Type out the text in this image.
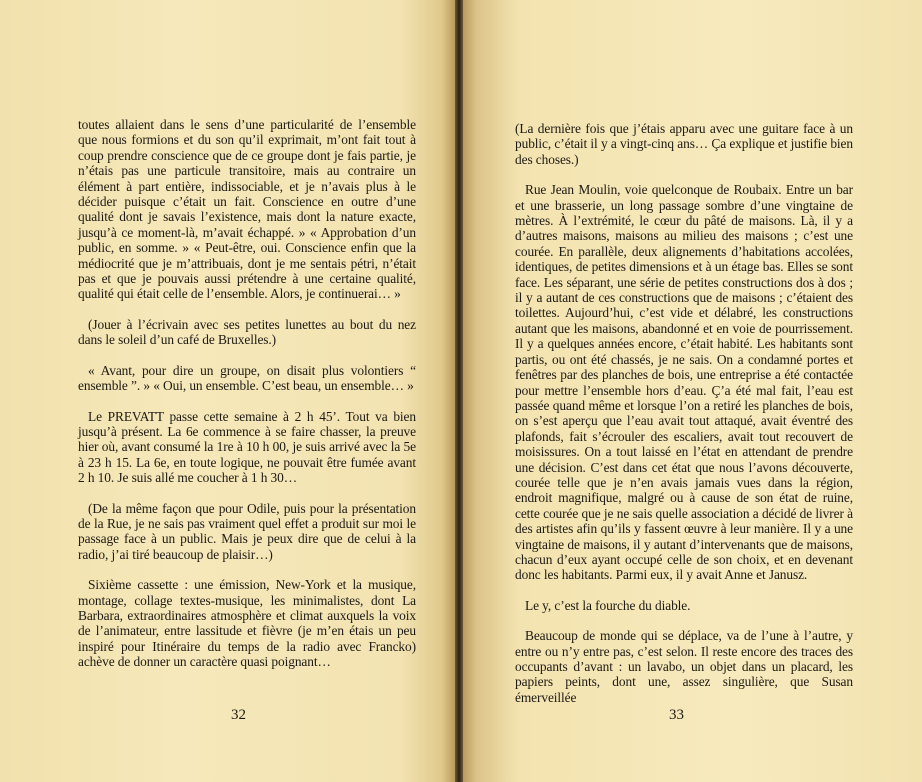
toutes allaient dans le sens d’une particularité de l’ensemble que nous formions et du son qu’il exprimait, m’ont fait tout à coup prendre conscience que de ce groupe dont je fais partie, je n’étais pas une particule transitoire, mais au contraire un élément à part entière, indissociable, et je n’avais plus à le décider puisque c’était un fait. Conscience en outre d’une qualité dont je savais l’existence, mais dont la nature exacte, jusqu’à ce moment-là, m’avait échappé. » « Approbation d’un public, en somme. » « Peut-être, oui. Conscience enfin que la médiocrité que je m’attribuais, dont je me sentais pétri, n’était pas et que je pouvais aussi prétendre à une certaine qualité, qualité qui était celle de l’ensemble. Alors, je continuerai… »

(Jouer à l’écrivain avec ses petites lunettes au bout du nez dans le soleil d’un café de Bruxelles.)

« Avant, pour dire un groupe, on disait plus volontiers “ ensemble ”. » « Oui, un ensemble. C’est beau, un ensemble… »

Le PREVATT passe cette semaine à 2 h 45’. Tout va bien jusqu’à présent. La 6e commence à se faire chasser, la preuve hier où, avant consumé la 1re à 10 h 00, je suis arrivé avec la 5e à 23 h 15. La 6e, en toute logique, ne pouvait être fumée avant 2 h 10. Je suis allé me coucher à 1 h 30…

(De la même façon que pour Odile, puis pour la présentation de la Rue, je ne sais pas vraiment quel effet a produit sur moi le passage face à un public. Mais je peux dire que de celui à la radio, j’ai tiré beaucoup de plaisir…)

Sixième cassette : une émission, New-York et la musique, montage, collage textes-musique, les minimalistes, dont La Barbara, extraordinaires atmosphère et climat auxquels la voix de l’animateur, entre lassitude et fièvre (je m’en étais un peu inspiré pour Itinéraire du temps de la radio avec Francko) achève de donner un caractère quasi poignant…

32

(La dernière fois que j’étais apparu avec une guitare face à un public, c’était il y a vingt-cinq ans… Ça explique et justifie bien des choses.)

Rue Jean Moulin, voie quelconque de Roubaix. Entre un bar et une brasserie, un long passage sombre d’une vingtaine de mètres. À l’extrémité, le cœur du pâté de maisons. Là, il y a d’autres maisons, maisons au milieu des maisons ; c’est une courée. En parallèle, deux alignements d’habitations accolées, identiques, de petites dimensions et à un étage bas. Elles se sont face. Les séparant, une série de petites constructions dos à dos ; il y a autant de ces constructions que de maisons ; c’étaient des toilettes. Aujourd’hui, c’est vide et délabré, les constructions autant que les maisons, abandonné et en voie de pourrissement. Il y a quelques années encore, c’était habité. Les habitants sont partis, ou ont été chassés, je ne sais. On a condamné portes et fenêtres par des planches de bois, une entreprise a été contactée pour mettre l’ensemble hors d’eau. Ç’a été mal fait, l’eau est passée quand même et lorsque l’on a retiré les planches de bois, on s’est aperçu que l’eau avait tout attaqué, avait éventré des plafonds, fait s’écrouler des escaliers, avait tout recouvert de moisissures. On a tout laissé en l’état en attendant de prendre une décision. C’est dans cet état que nous l’avons découverte, courée telle que je n’en avais jamais vues dans la région, endroit magnifique, malgré ou à cause de son état de ruine, cette courée que je ne sais quelle association a décidé de livrer à des artistes afin qu’ils y fassent œuvre à leur manière. Il y a une vingtaine de maisons, il y autant d’intervenants que de maisons, chacun d’eux ayant occupé celle de son choix, et en devenant donc les habitants. Parmi eux, il y avait Anne et Janusz.

Le y, c’est la fourche du diable.

Beaucoup de monde qui se déplace, va de l’une à l’autre, y entre ou n’y entre pas, c’est selon. Il reste encore des traces des occupants d’avant : un lavabo, un objet dans un placard, les papiers peints, dont une, assez singulière, que Susan émerveillée

33
